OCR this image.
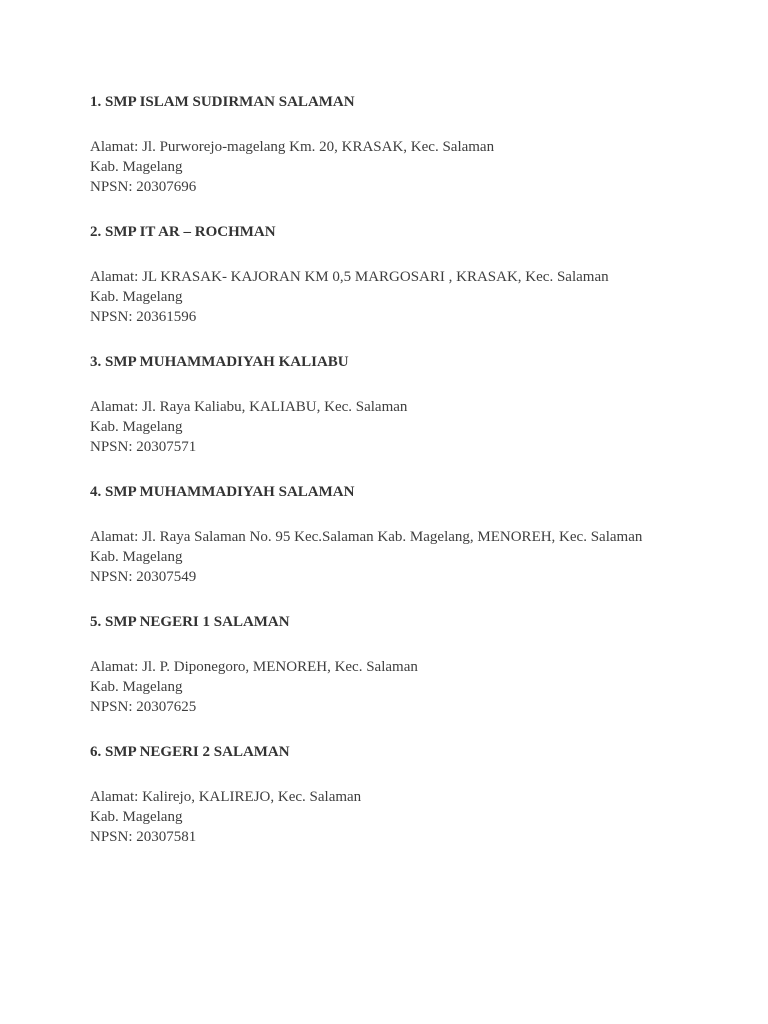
1. SMP ISLAM SUDIRMAN SALAMAN
Alamat: Jl. Purworejo-magelang Km. 20, KRASAK, Kec. Salaman
Kab. Magelang
NPSN: 20307696
2. SMP IT AR – ROCHMAN
Alamat: JL KRASAK- KAJORAN KM 0,5 MARGOSARI , KRASAK, Kec. Salaman
Kab. Magelang
NPSN: 20361596
3. SMP MUHAMMADIYAH KALIABU
Alamat: Jl. Raya Kaliabu, KALIABU, Kec. Salaman
Kab. Magelang
NPSN: 20307571
4. SMP MUHAMMADIYAH SALAMAN
Alamat: Jl. Raya Salaman No. 95 Kec.Salaman Kab. Magelang, MENOREH, Kec. Salaman
Kab. Magelang
NPSN: 20307549
5. SMP NEGERI 1 SALAMAN
Alamat: Jl. P. Diponegoro, MENOREH, Kec. Salaman
Kab. Magelang
NPSN: 20307625
6. SMP NEGERI 2 SALAMAN
Alamat: Kalirejo, KALIREJO, Kec. Salaman
Kab. Magelang
NPSN: 20307581
